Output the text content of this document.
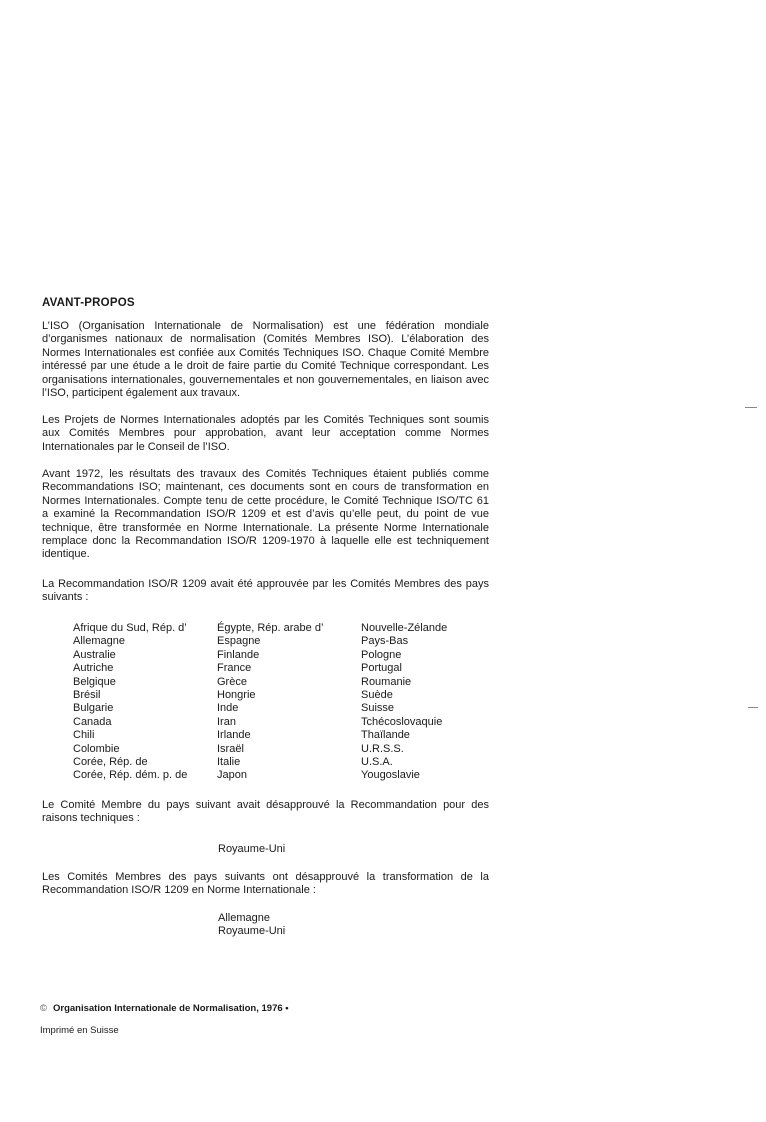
AVANT-PROPOS

L’ISO (Organisation Internationale de Normalisation) est une fédération mondiale d’organismes nationaux de normalisation (Comités Membres ISO). L’élaboration des Normes Internationales est confiée aux Comités Techniques ISO. Chaque Comité Membre intéressé par une étude a le droit de faire partie du Comité Technique correspondant. Les organisations internationales, gouvernementales et non gouvernementales, en liaison avec l’ISO, participent également aux travaux.

Les Projets de Normes Internationales adoptés par les Comités Techniques sont soumis aux Comités Membres pour approbation, avant leur acceptation comme Normes Internationales par le Conseil de l’ISO.

Avant 1972, les résultats des travaux des Comités Techniques étaient publiés comme Recommandations ISO; maintenant, ces documents sont en cours de transformation en Normes Internationales. Compte tenu de cette procédure, le Comité Technique ISO/TC 61 a examiné la Recommandation ISO/R 1209 et est d’avis qu’elle peut, du point de vue technique, être transformée en Norme Internationale. La présente Norme Internationale remplace donc la Recommandation ISO/R 1209-1970 à laquelle elle est techniquement identique.

La Recommandation ISO/R 1209 avait été approuvée par les Comités Membres des pays suivants :

Afrique du Sud, Rép. d’	Égypte, Rép. arabe d’	Nouvelle-Zélande
Allemagne	Espagne	Pays-Bas
Australie	Finlande	Pologne
Autriche	France	Portugal
Belgique	Grèce	Roumanie
Brésil	Hongrie	Suède
Bulgarie	Inde	Suisse
Canada	Iran	Tchécoslovaquie
Chili	Irlande	Thaïlande
Colombie	Israël	U.R.S.S.
Corée, Rép. de	Italie	U.S.A.
Corée, Rép. dém. p. de	Japon	Yougoslavie

Le Comité Membre du pays suivant avait désapprouvé la Recommandation pour des raisons techniques :

Royaume-Uni

Les Comités Membres des pays suivants ont désapprouvé la transformation de la Recommandation ISO/R 1209 en Norme Internationale :

Allemagne
Royaume-Uni
© Organisation Internationale de Normalisation, 1976 •
Imprimé en Suisse
